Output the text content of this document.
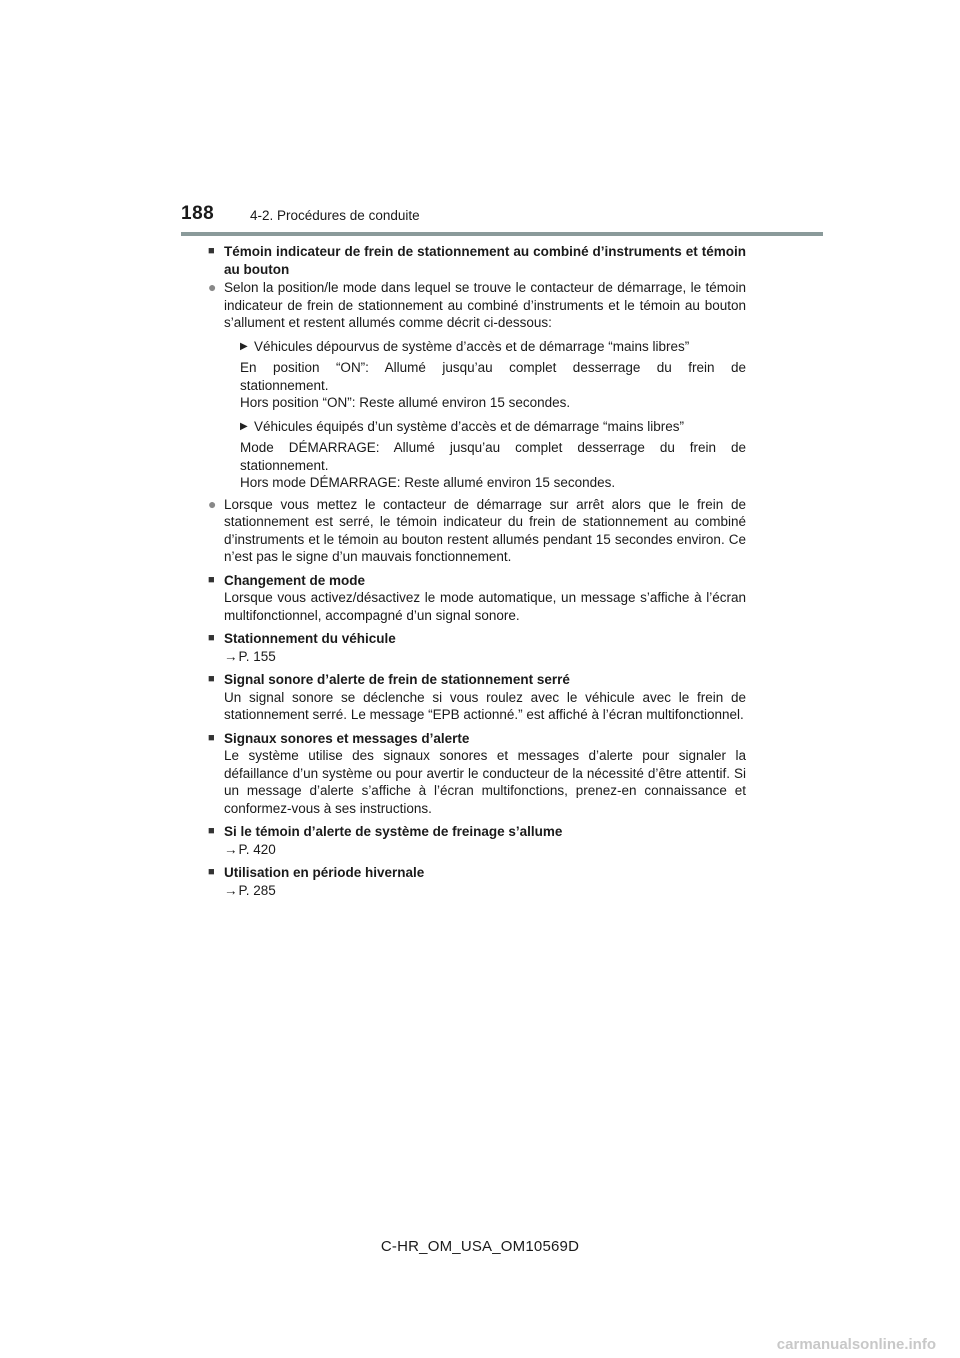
188	4-2. Procédures de conduite
■ Témoin indicateur de frein de stationnement au combiné d’instruments et témoin au bouton
● Selon la position/le mode dans lequel se trouve le contacteur de démarrage, le témoin indicateur de frein de stationnement au combiné d’instruments et le témoin au bouton s’allument et restent allumés comme décrit ci-dessous:
▶ Véhicules dépourvus de système d’accès et de démarrage “mains libres”
En position “ON”: Allumé jusqu’au complet desserrage du frein de
stationnement.
Hors position “ON”: Reste allumé environ 15 secondes.
▶ Véhicules équipés d’un système d’accès et de démarrage “mains libres”
Mode DÉMARRAGE: Allumé jusqu’au complet desserrage du frein de
stationnement.
Hors mode DÉMARRAGE: Reste allumé environ 15 secondes.
● Lorsque vous mettez le contacteur de démarrage sur arrêt alors que le frein de stationnement est serré, le témoin indicateur du frein de stationnement au combiné d’instruments et le témoin au bouton restent allumés pendant 15 secondes environ. Ce n’est pas le signe d’un mauvais fonctionnement.
■ Changement de mode
Lorsque vous activez/désactivez le mode automatique, un message s’affiche à l’écran multifonctionnel, accompagné d’un signal sonore.
■ Stationnement du véhicule
→P. 155
■ Signal sonore d’alerte de frein de stationnement serré
Un signal sonore se déclenche si vous roulez avec le véhicule avec le frein de stationnement serré. Le message “EPB actionné.” est affiché à l’écran multifonctionnel.
■ Signaux sonores et messages d’alerte
Le système utilise des signaux sonores et messages d’alerte pour signaler la défaillance d’un système ou pour avertir le conducteur de la nécessité d’être attentif. Si un message d’alerte s’affiche à l’écran multifonctions, prenez-en connaissance et conformez-vous à ses instructions.
■ Si le témoin d’alerte de système de freinage s’allume
→P. 420
■ Utilisation en période hivernale
→P. 285
C-HR_OM_USA_OM10569D
carmanualsonline.info
